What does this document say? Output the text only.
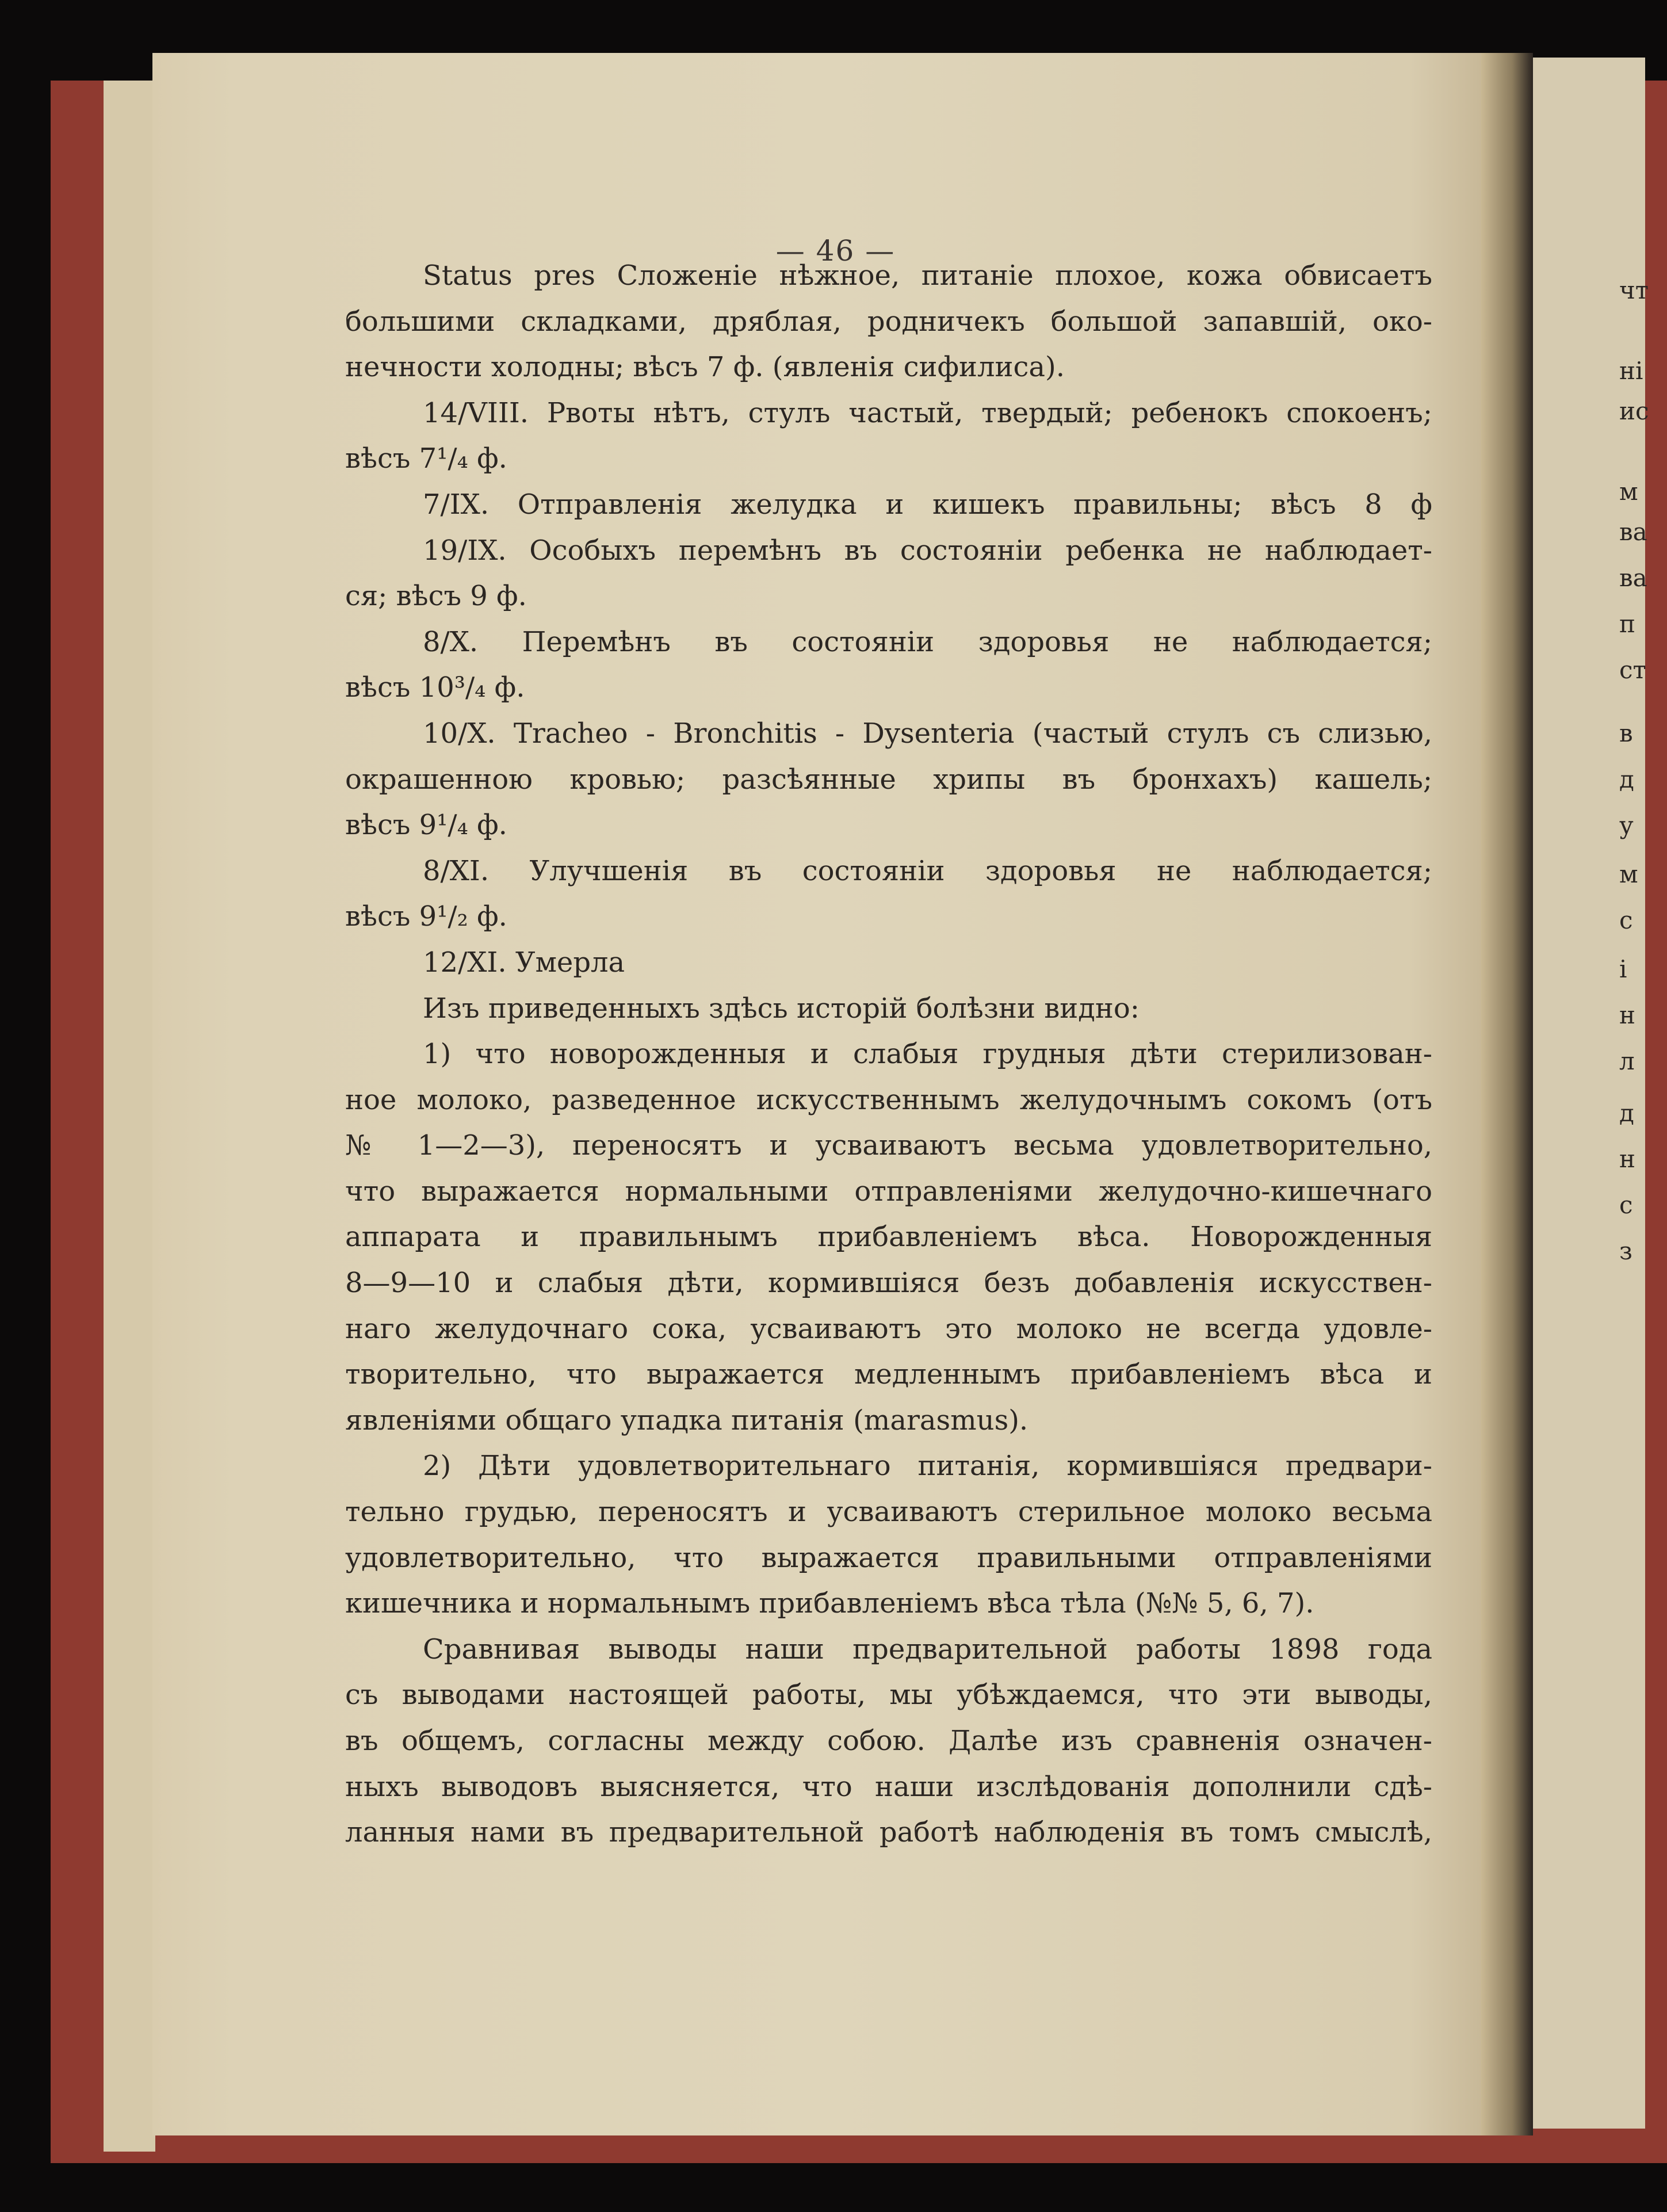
чт
ні
ис
м
ва
ва
п
ст
в
д
у
м
с
і
н
л
д
н
с
з
— 46 —

Status pres Сложеніе нѣжное, питаніе плохое, кожа обвисаетъ

большими складками, дряблая, родничекъ большой запавшій, око-

нечности холодны; вѣсъ 7 ф. (явленія сифилиса).

14/VIII. Рвоты нѣтъ, стулъ частый, твердый; ребенокъ спокоенъ;

вѣсъ 7¹/₄ ф.

7/IX. Отправленія желудка и кишекъ правильны; вѣсъ 8 ф

19/IX. Особыхъ перемѣнъ въ состояніи ребенка не наблюдает-

ся; вѣсъ 9 ф.

8/X. Перемѣнъ въ состояніи здоровья не наблюдается;

вѣсъ 10³/₄ ф.

10/X. Tracheo - Bronchitis - Dysenteria (частый стулъ съ слизью,

окрашенною кровью; разсѣянные хрипы въ бронхахъ) кашель;

вѣсъ 9¹/₄ ф.

8/XI. Улучшенія въ состояніи здоровья не наблюдается;

вѣсъ 9¹/₂ ф.

12/XI. Умерла

Изъ приведенныхъ здѣсь исторій болѣзни видно:

1) что новорожденныя и слабыя грудныя дѣти стерилизован-

ное молоко, разведенное искусственнымъ желудочнымъ сокомъ (отъ

№ 1—2—3), переносятъ и усваиваютъ весьма удовлетворительно,

что выражается нормальными отправленіями желудочно-кишечнаго

аппарата и правильнымъ прибавленіемъ вѣса. Новорожденныя

8—9—10 и слабыя дѣти, кормившіяся безъ добавленія искусствен-

наго желудочнаго сока, усваиваютъ это молоко не всегда удовле-

творительно, что выражается медленнымъ прибавленіемъ вѣса и

явленіями общаго упадка питанія (marasmus).

2) Дѣти удовлетворительнаго питанія, кормившіяся предвари-

тельно грудью, переносятъ и усваиваютъ стерильное молоко весьма

удовлетворительно, что выражается правильными отправленіями

кишечника и нормальнымъ прибавленіемъ вѣса тѣла (№№ 5, 6, 7).

Сравнивая выводы наши предварительной работы 1898 года

съ выводами настоящей работы, мы убѣждаемся, что эти выводы,

въ общемъ, согласны между собою. Далѣе изъ сравненія означен-

ныхъ выводовъ выясняется, что наши изслѣдованія дополнили сдѣ-

ланныя нами въ предварительной работѣ наблюденія въ томъ смыслѣ,
